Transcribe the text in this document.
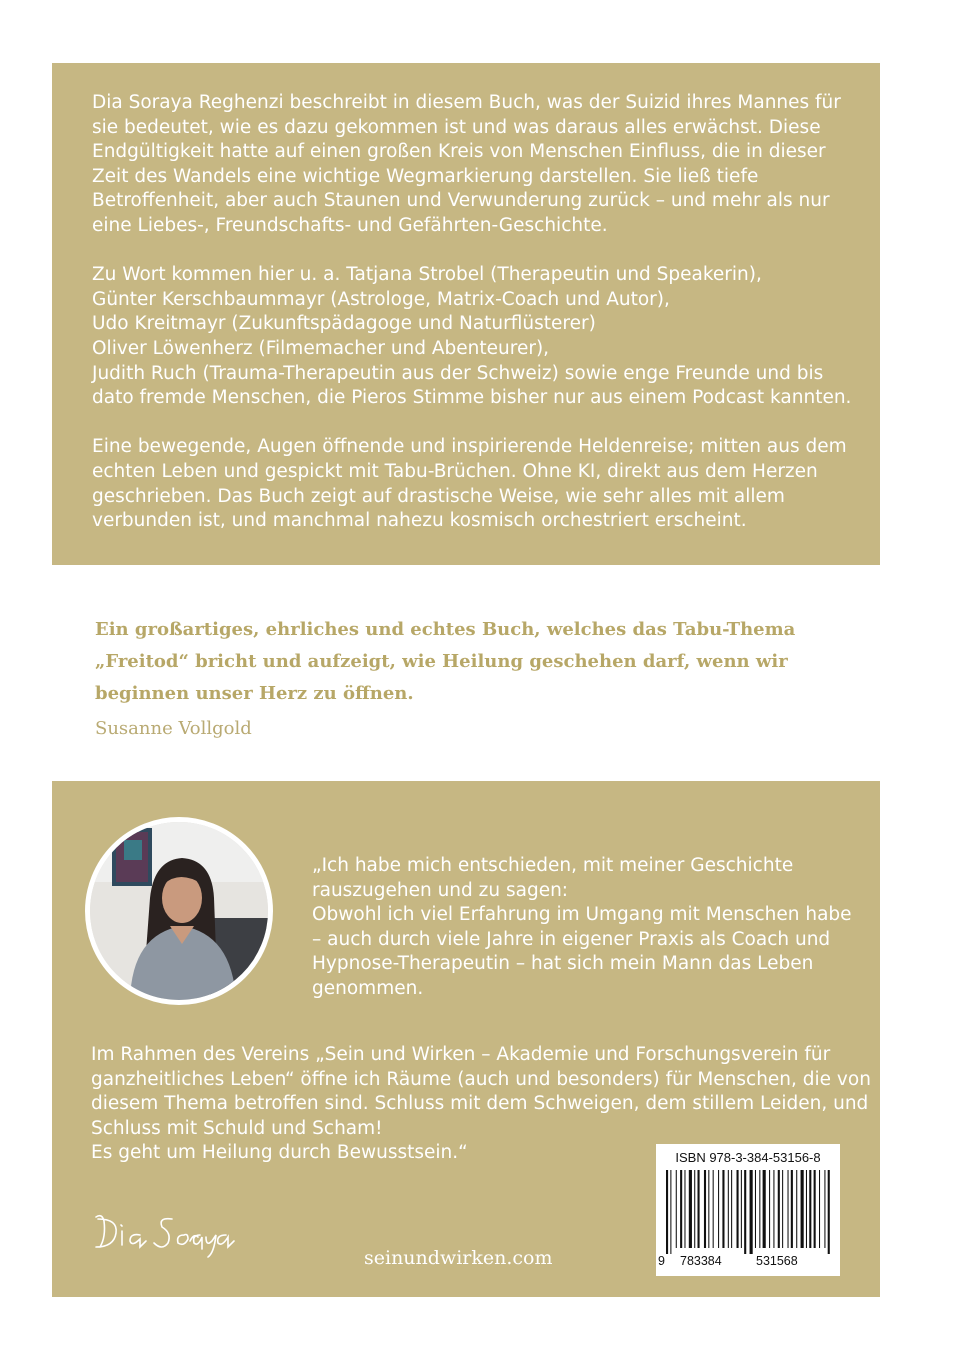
Dia Soraya Reghenzi beschreibt in diesem Buch, was der Suizid ihres Mannes für sie bedeutet, wie es dazu gekommen ist und was daraus alles erwächst. Diese Endgültigkeit hatte auf einen großen Kreis von Menschen Einfluss, die in dieser Zeit des Wandels eine wichtige Wegmarkierung darstellen. Sie ließ tiefe Betroffenheit, aber auch Staunen und Verwunderung zurück – und mehr als nur eine Liebes-, Freundschafts- und Gefährten-Geschichte.

Zu Wort kommen hier u. a. Tatjana Strobel (Therapeutin und Speakerin),
Günter Kerschbaummayr (Astrologe, Matrix-Coach und Autor),
Udo Kreitmayr (Zukunftspädagoge und Naturflüsterer)
Oliver Löwenherz (Filmemacher und Abenteurer),
Judith Ruch (Trauma-Therapeutin aus der Schweiz) sowie enge Freunde und bis dato fremde Menschen, die Pieros Stimme bisher nur aus einem Podcast kannten.

Eine bewegende, Augen öffnende und inspirierende Heldenreise; mitten aus dem echten Leben und gespickt mit Tabu-Brüchen. Ohne KI, direkt aus dem Herzen geschrieben. Das Buch zeigt auf drastische Weise, wie sehr alles mit allem verbunden ist, und manchmal nahezu kosmisch orchestriert erscheint.

Ein großartiges, ehrliches und echtes Buch, welches das Tabu-Thema „Freitod“ bricht und aufzeigt, wie Heilung geschehen darf, wenn wir beginnen unser Herz zu öffnen.

Susanne Vollgold
„Ich habe mich entschieden, mit meiner Geschichte rauszugehen und zu sagen:
Obwohl ich viel Erfahrung im Umgang mit Menschen habe – auch durch viele Jahre in eigener Praxis als Coach und Hypnose-Therapeutin – hat sich mein Mann das Leben genommen.
Im Rahmen des Vereins „Sein und Wirken – Akademie und Forschungsverein für ganzheitliches Leben“ öffne ich Räume (auch und besonders) für Menschen, die von diesem Thema betroffen sind. Schluss mit dem Schweigen, dem stillem Leiden, und Schluss mit Schuld und Scham!
Es geht um Heilung durch Bewusstsein.“
seinundwirken.com
ISBN 978-3-384-53156-8
9 783384	531568
